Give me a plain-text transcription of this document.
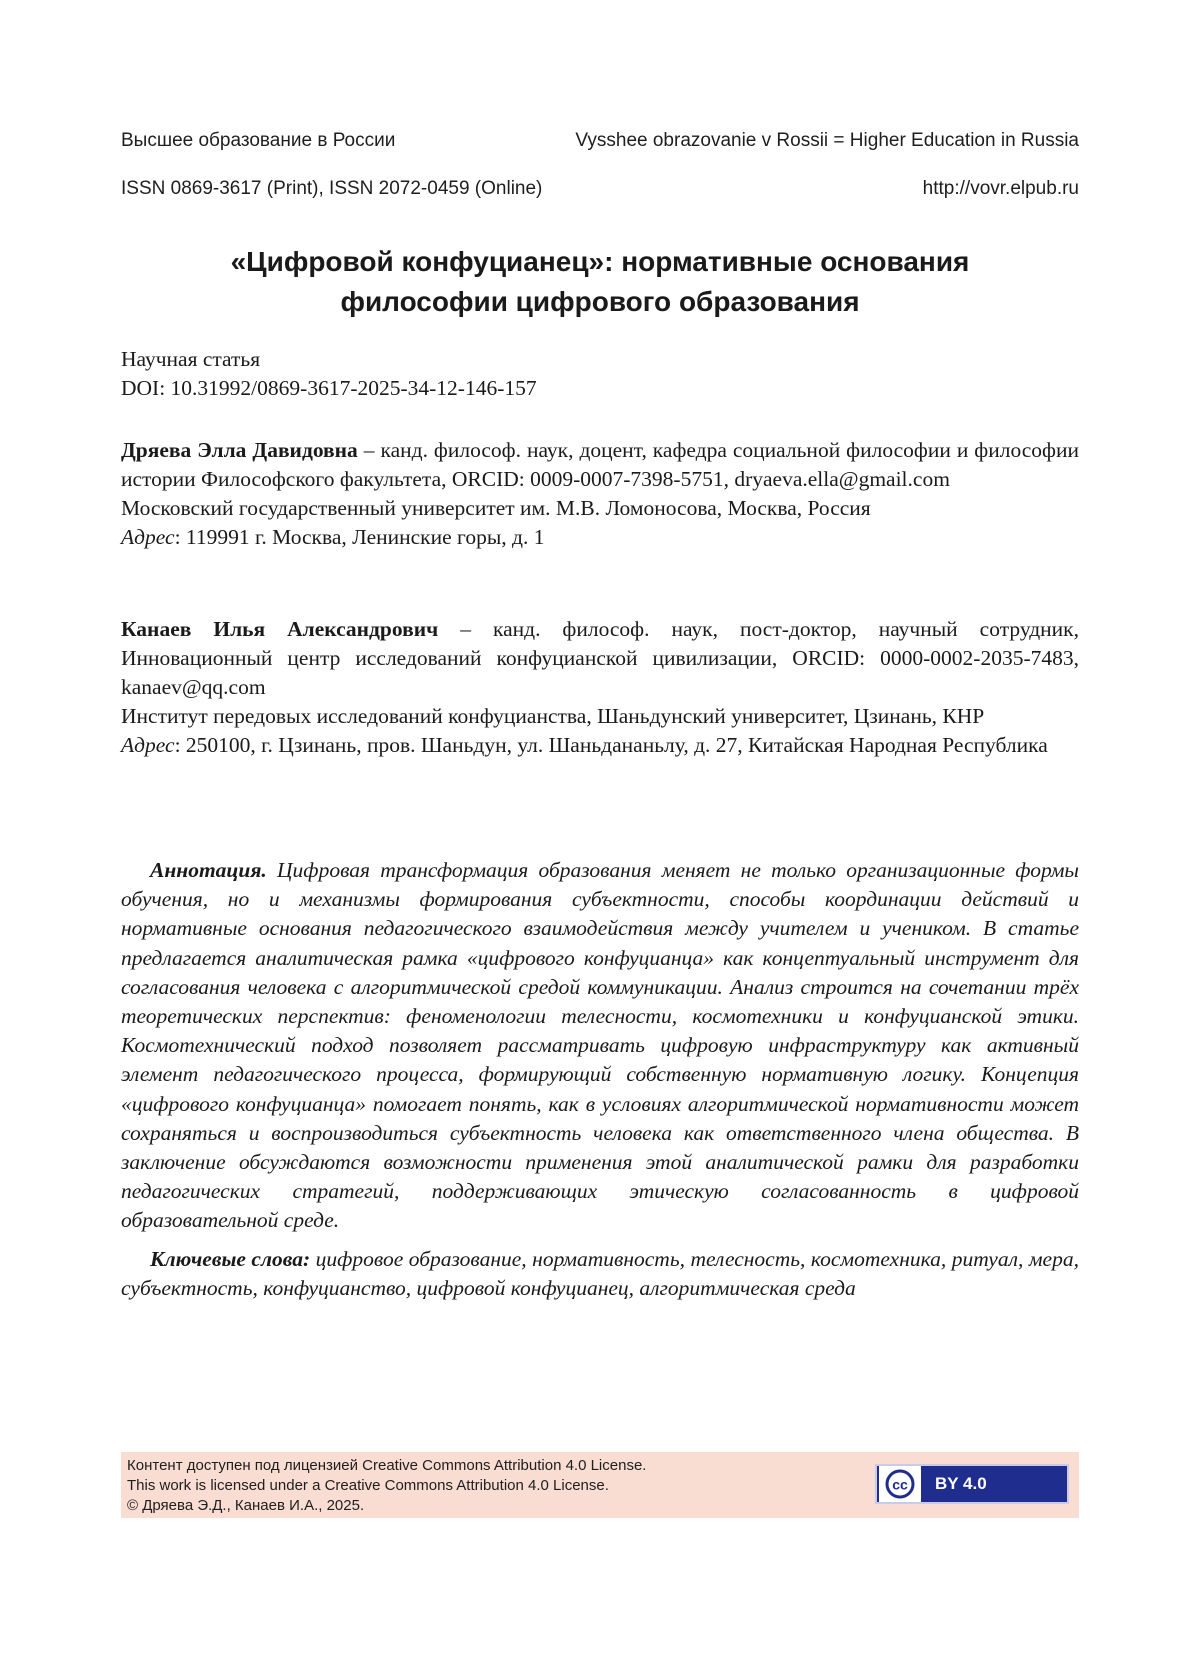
Высшее образование в России	Vysshee obrazovanie v Rossii = Higher Education in Russia
ISSN 0869-3617 (Print), ISSN 2072-0459 (Online)	http://vovr.elpub.ru
«Цифровой конфуцианец»: нормативные основания
философии цифрового образования
Научная статья
DOI: 10.31992/0869-3617-2025-34-12-146-157
Дряева Элла Давидовна – канд. философ. наук, доцент, кафедра социальной философии и философии истории Философского факультета, ORCID: 0009-0007-7398-5751, dryaeva.ella@gmail.com
Московский государственный университет им. М.В. Ломоносова, Москва, Россия
Адрес: 119991 г. Москва, Ленинские горы, д. 1
Канаев Илья Александрович – канд. философ. наук, пост-доктор, научный сотрудник, Инновационный центр исследований конфуцианской цивилизации, ORCID: 0000-0002-2035-7483, kanaev@qq.com
Институт передовых исследований конфуцианства, Шаньдунский университет, Цзинань, КНР
Адрес: 250100, г. Цзинань, пров. Шаньдун, ул. Шаньдананьлу, д. 27, Китайская Народная Республика

Аннотация. Цифровая трансформация образования меняет не только организационные формы обучения, но и механизмы формирования субъектности, способы координации действий и нормативные основания педагогического взаимодействия между учителем и учеником. В статье предлагается аналитическая рамка «цифрового конфуцианца» как концептуальный инструмент для согласования человека с алгоритмической средой коммуникации. Анализ строится на сочетании трёх теоретических перспектив: феноменологии телесности, космотехники и конфуцианской этики. Космотехнический подход позволяет рассматривать цифровую инфраструктуру как активный элемент педагогического процесса, формирующий собственную нормативную логику. Концепция «цифрового конфуцианца» помогает понять, как в условиях алгоритмической нормативности может сохраняться и воспроизводиться субъектность человека как ответственного члена общества. В заключение обсуждаются возможности применения этой аналитической рамки для разработки педагогических стратегий, поддерживающих этическую согласованность в цифровой образовательной среде.

Ключевые слова: цифровое образование, нормативность, телесность, космотехника, ритуал, мера, субъектность, конфуцианство, цифровой конфуцианец, алгоритмическая среда

Контент доступен под лицензией Creative Commons Attribution 4.0 License.
This work is licensed under a Creative Commons Attribution 4.0 License.
© Дряева Э.Д., Канаев И.А., 2025.
cc BY 4.0
